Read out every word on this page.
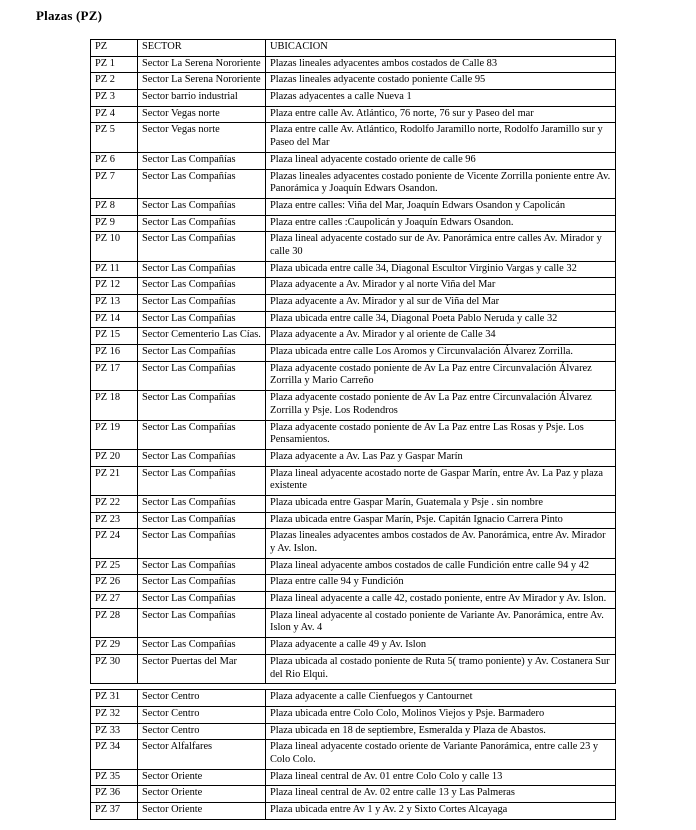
Plazas (PZ)
PZ	SECTOR	UBICACION
PZ 1	Sector La Serena Nororiente	Plazas lineales adyacentes ambos costados de Calle 83
PZ 2	Sector La Serena Nororiente	Plazas lineales adyacente costado poniente Calle 95
PZ 3	Sector barrio industrial	Plazas adyacentes a calle Nueva 1
PZ 4	Sector Vegas norte	Plaza entre calle Av. Atlántico, 76 norte, 76 sur y Paseo del mar
PZ 5	Sector Vegas norte	Plaza entre calle Av. Atlántico, Rodolfo Jaramillo norte, Rodolfo Jaramillo sur y Paseo del Mar
PZ 6	Sector Las Compañías	Plaza lineal adyacente costado oriente de calle 96
PZ 7	Sector Las Compañías	Plazas lineales adyacentes costado poniente de Vicente Zorrilla poniente entre Av. Panorámica y Joaquín Edwars Osandon.
PZ 8	Sector Las Compañías	Plaza entre calles: Viña del Mar, Joaquín Edwars Osandon y Capolicán
PZ 9	Sector Las Compañías	Plaza entre calles :Caupolicán y Joaquín Edwars Osandon.
PZ 10	Sector Las Compañías	Plaza lineal adyacente costado sur de Av. Panorámica entre calles Av. Mirador y calle 30
PZ 11	Sector Las Compañías	Plaza ubicada entre calle 34, Diagonal Escultor Virginio Vargas y calle 32
PZ 12	Sector Las Compañías	Plaza adyacente a Av. Mirador y al norte Viña del Mar
PZ 13	Sector Las Compañías	Plaza adyacente a Av. Mirador y al sur de Viña del Mar
PZ 14	Sector Las Compañías	Plaza ubicada entre calle 34, Diagonal Poeta Pablo Neruda y calle 32
PZ 15	Sector Cementerio Las Cías.	Plaza adyacente a Av. Mirador y al oriente de Calle 34
PZ 16	Sector Las Compañías	Plaza ubicada entre calle Los Aromos y Circunvalación Álvarez Zorrilla.
PZ 17	Sector Las Compañías	Plaza adyacente costado poniente de Av La Paz entre Circunvalación Álvarez Zorrilla y Mario Carreño
PZ 18	Sector Las Compañías	Plaza adyacente costado poniente de Av La Paz entre Circunvalación Álvarez Zorrilla y Psje. Los Rodendros
PZ 19	Sector Las Compañías	Plaza adyacente costado poniente de Av La Paz entre Las Rosas y Psje. Los Pensamientos.
PZ 20	Sector Las Compañías	Plaza adyacente a Av. Las Paz y Gaspar Marín
PZ 21	Sector Las Compañías	Plaza lineal adyacente acostado norte de Gaspar Marín, entre Av. La Paz y plaza existente
PZ 22	Sector Las Compañías	Plaza ubicada entre Gaspar Marín, Guatemala y Psje . sin nombre
PZ 23	Sector Las Compañías	Plaza ubicada entre Gaspar Marín, Psje. Capitán Ignacio Carrera Pinto
PZ 24	Sector Las Compañías	Plazas lineales adyacentes ambos costados de Av. Panorámica, entre Av. Mirador y Av. Islon.
PZ 25	Sector Las Compañías	Plaza lineal adyacente ambos costados de calle Fundición entre calle 94 y 42
PZ 26	Sector Las Compañías	Plaza entre calle 94 y Fundición
PZ 27	Sector Las Compañías	Plaza lineal adyacente a calle 42, costado poniente, entre Av Mirador y Av. Islon.
PZ 28	Sector Las Compañías	Plaza lineal adyacente al costado poniente de Variante Av. Panorámica, entre Av. Islon y Av. 4
PZ 29	Sector Las Compañías	Plaza adyacente a calle 49 y Av. Islon
PZ 30	Sector Puertas del Mar	Plaza ubicada al costado poniente de Ruta 5( tramo poniente) y Av. Costanera Sur del Rio Elqui.
PZ 31	Sector Centro	Plaza adyacente a calle Cienfuegos y Cantournet
PZ 32	Sector Centro	Plaza ubicada entre Colo Colo, Molinos Viejos y Psje. Barmadero
PZ 33	Sector Centro	Plaza ubicada en 18 de septiembre, Esmeralda y Plaza de Abastos.
PZ 34	Sector Alfalfares	Plaza lineal adyacente costado oriente de Variante Panorámica, entre calle 23 y Colo Colo.
PZ 35	Sector Oriente	Plaza lineal central de Av. 01 entre Colo Colo y calle 13
PZ 36	Sector Oriente	Plaza lineal central de Av. 02 entre calle 13 y Las Palmeras
PZ 37	Sector Oriente	Plaza ubicada entre Av 1 y Av. 2 y Sixto Cortes Alcayaga
